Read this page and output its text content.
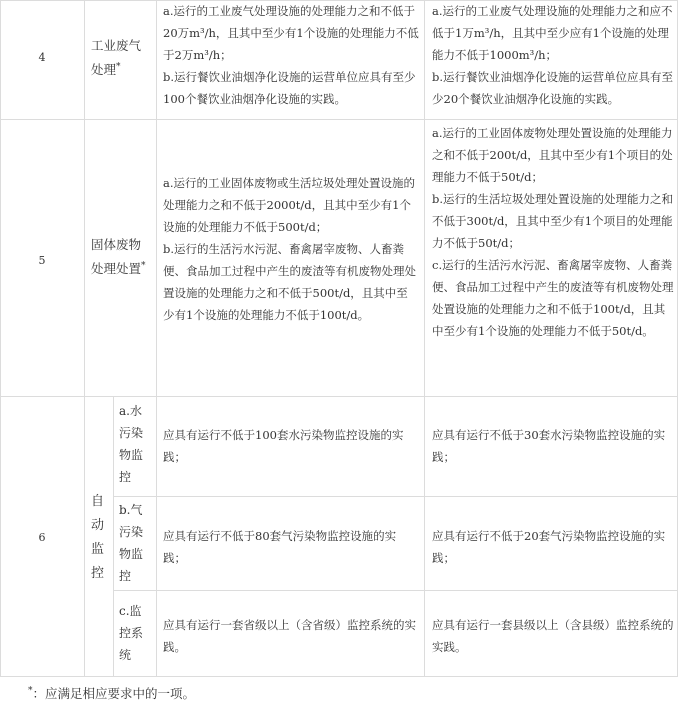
4
工业废气
处理*
a.运行的工业废气处理设施的处理能力之和不低于20万m³/h，且其中至少有1个设施的处理能力不低于2万m³/h；
b.运行餐饮业油烟净化设施的运营单位应具有至少100个餐饮业油烟净化设施的实践。
a.运行的工业废气处理设施的处理能力之和应不低于1万m³/h，且其中至少应有1个设施的处理能力不低于1000m³/h；
b.运行餐饮业油烟净化设施的运营单位应具有至少20个餐饮业油烟净化设施的实践。
5
固体废物
处理处置*
a.运行的工业固体废物或生活垃圾处理处置设施的处理能力之和不低于2000t/d，且其中至少有1个设施的处理能力不低于500t/d；
b.运行的生活污水污泥、畜禽屠宰废物、人畜粪便、食品加工过程中产生的废渣等有机废物处理处置设施的处理能力之和不低于500t/d，且其中至少有1个设施的处理能力不低于100t/d。
a.运行的工业固体废物处理处置设施的处理能力之和不低于200t/d，且其中至少有1个项目的处理能力不低于50t/d；
b.运行的生活垃圾处理处置设施的处理能力之和不低于300t/d，且其中至少有1个项目的处理能力不低于50t/d；
c.运行的生活污水污泥、畜禽屠宰废物、人畜粪便、食品加工过程中产生的废渣等有机废物处理处置设施的处理能力之和不低于100t/d，且其中至少有1个设施的处理能力不低于50t/d。
6
自
动
监
控
a.水
污染
物监
控
应具有运行不低于100套水污染物监控设施的实践；
应具有运行不低于30套水污染物监控设施的实践；
b.气
污染
物监
控
应具有运行不低于80套气污染物监控设施的实践；
应具有运行不低于20套气污染物监控设施的实践；
c.监
控系
统
应具有运行一套省级以上（含省级）监控系统的实践。
应具有运行一套县级以上（含县级）监控系统的实践。
*：应满足相应要求中的一项。
